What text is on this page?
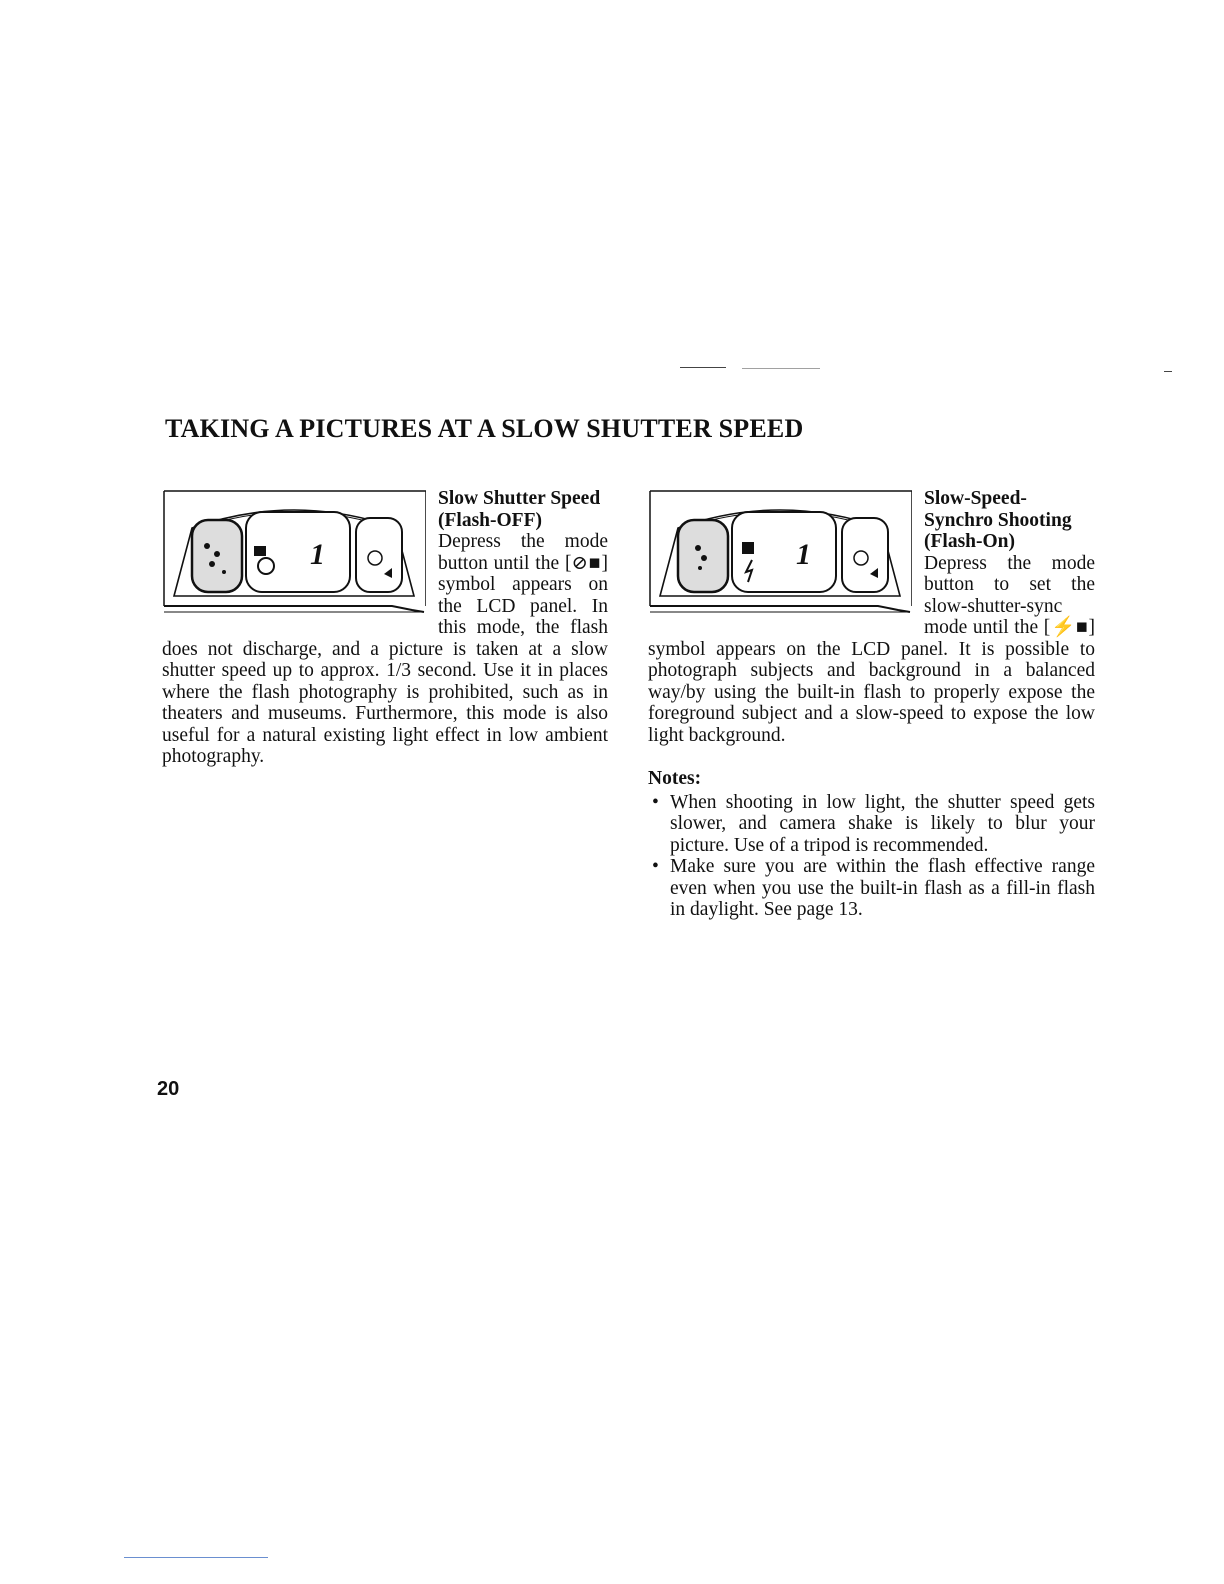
TAKING A PICTURES AT A SLOW SHUTTER SPEED
1
Slow Shutter Speed (Flash-OFF)
Depress the mode button until the [⊘■] symbol appears on the LCD panel. In this mode, the flash does not discharge, and a picture is taken at a slow shutter speed up to approx. 1/3 second. Use it in places where the flash photography is prohibited, such as in theaters and museums. Furthermore, this mode is also useful for a natural existing light effect in low ambient photography.
1
Slow-Speed-Synchro Shooting
(Flash-On)
Depress the mode button to set the slow-shutter-sync mode until the [⚡■] symbol appears on the LCD panel. It is possible to photograph subjects and background in a balanced way/by using the built-in flash to properly expose the foreground subject and a slow-speed to expose the low light background.
Notes:
• When shooting in low light, the shutter speed gets slower, and camera shake is likely to blur your picture. Use of a tripod is recommended.
• Make sure you are within the flash effective range even when you use the built-in flash as a fill-in flash in daylight. See page 13.
20
